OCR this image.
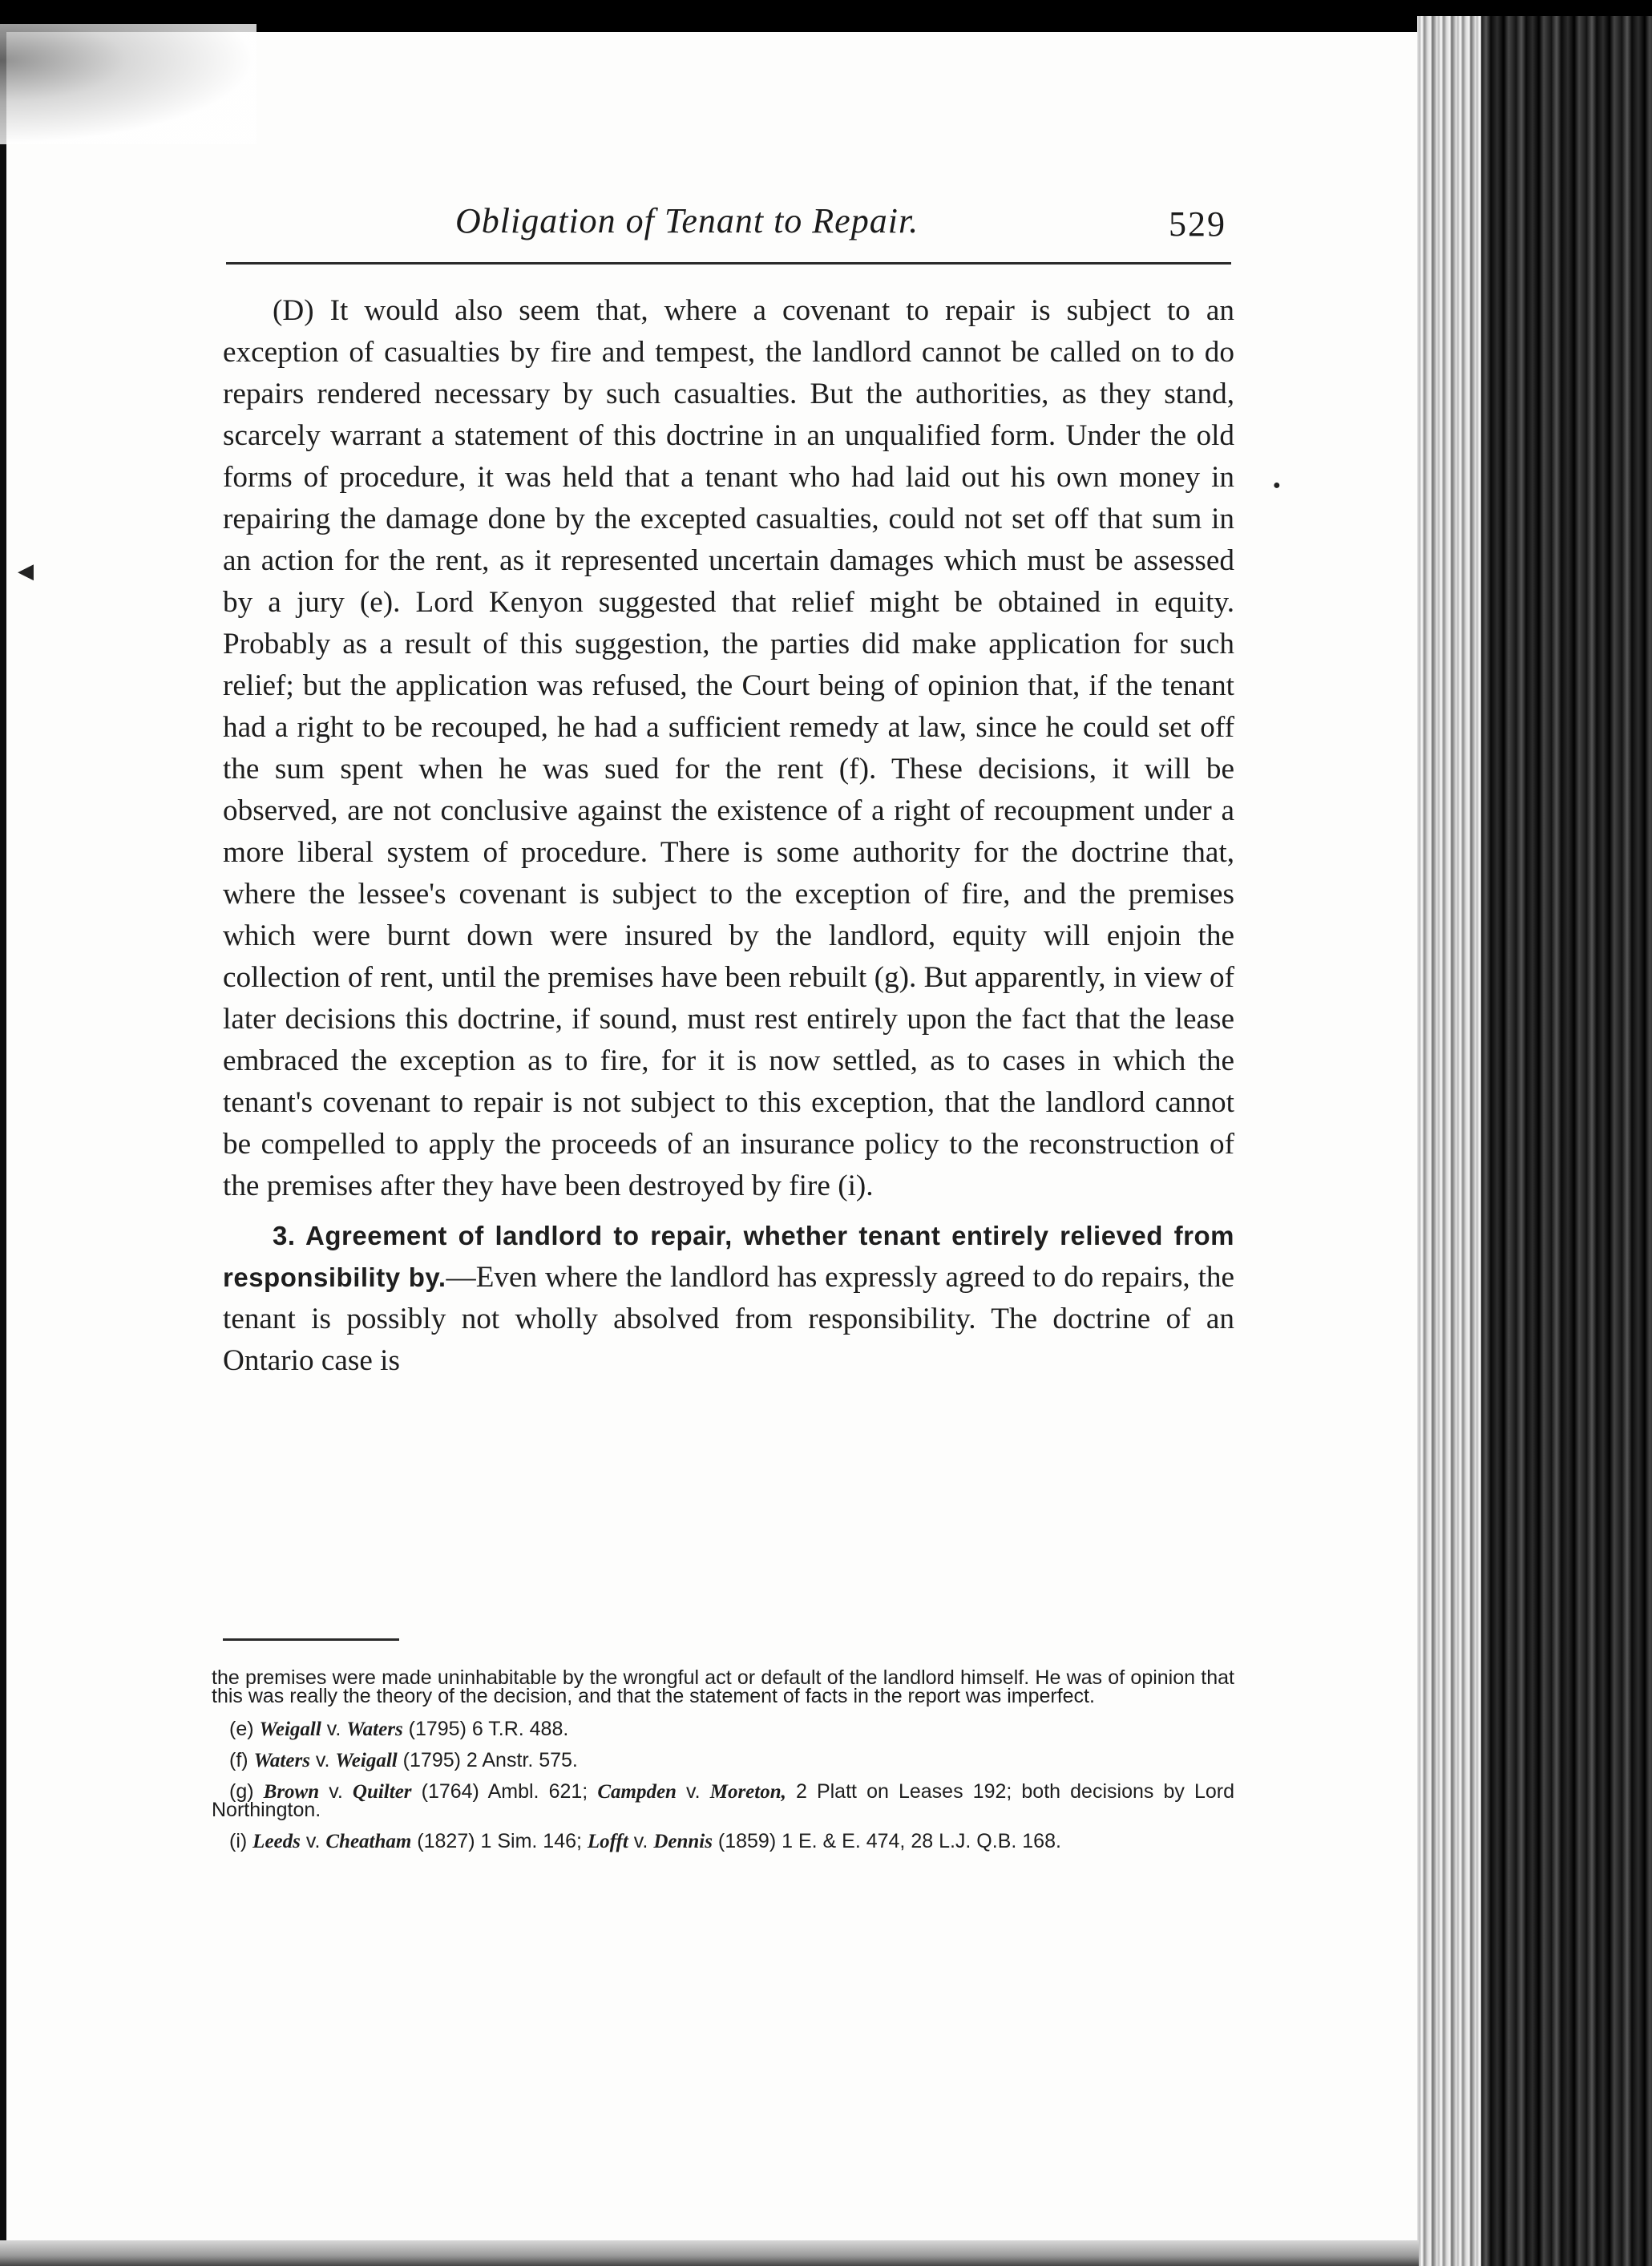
◀
●
Obligation of Tenant to Repair.	529

(D) It would also seem that, where a covenant to repair is subject to an exception of casualties by fire and tempest, the landlord cannot be called on to do repairs rendered necessary by such casualties. But the authorities, as they stand, scarcely warrant a statement of this doctrine in an unqualified form. Under the old forms of procedure, it was held that a tenant who had laid out his own money in repairing the damage done by the excepted casualties, could not set off that sum in an action for the rent, as it represented uncertain damages which must be assessed by a jury (e). Lord Kenyon suggested that relief might be obtained in equity. Probably as a result of this suggestion, the parties did make application for such relief; but the application was refused, the Court being of opinion that, if the tenant had a right to be recouped, he had a sufficient remedy at law, since he could set off the sum spent when he was sued for the rent (f). These decisions, it will be observed, are not conclusive against the existence of a right of recoupment under a more liberal system of procedure. There is some authority for the doctrine that, where the lessee's covenant is subject to the exception of fire, and the premises which were burnt down were insured by the landlord, equity will enjoin the collection of rent, until the premises have been rebuilt (g). But apparently, in view of later decisions this doctrine, if sound, must rest entirely upon the fact that the lease embraced the exception as to fire, for it is now settled, as to cases in which the tenant's covenant to repair is not subject to this exception, that the landlord cannot be compelled to apply the proceeds of an insurance policy to the reconstruction of the premises after they have been destroyed by fire (i).

3. Agreement of landlord to repair, whether tenant entirely relieved from responsibility by.—Even where the landlord has expressly agreed to do repairs, the tenant is possibly not wholly absolved from responsibility. The doctrine of an Ontario case is

the premises were made uninhabitable by the wrongful act or default of the landlord himself. He was of opinion that this was really the theory of the decision, and that the statement of facts in the report was imperfect.

(e) Weigall v. Waters (1795) 6 T.R. 488.

(f) Waters v. Weigall (1795) 2 Anstr. 575.

(g) Brown v. Quilter (1764) Ambl. 621; Campden v. Moreton, 2 Platt on Leases 192; both decisions by Lord Northington.

(i) Leeds v. Cheatham (1827) 1 Sim. 146; Lofft v. Dennis (1859) 1 E. & E. 474, 28 L.J. Q.B. 168.
